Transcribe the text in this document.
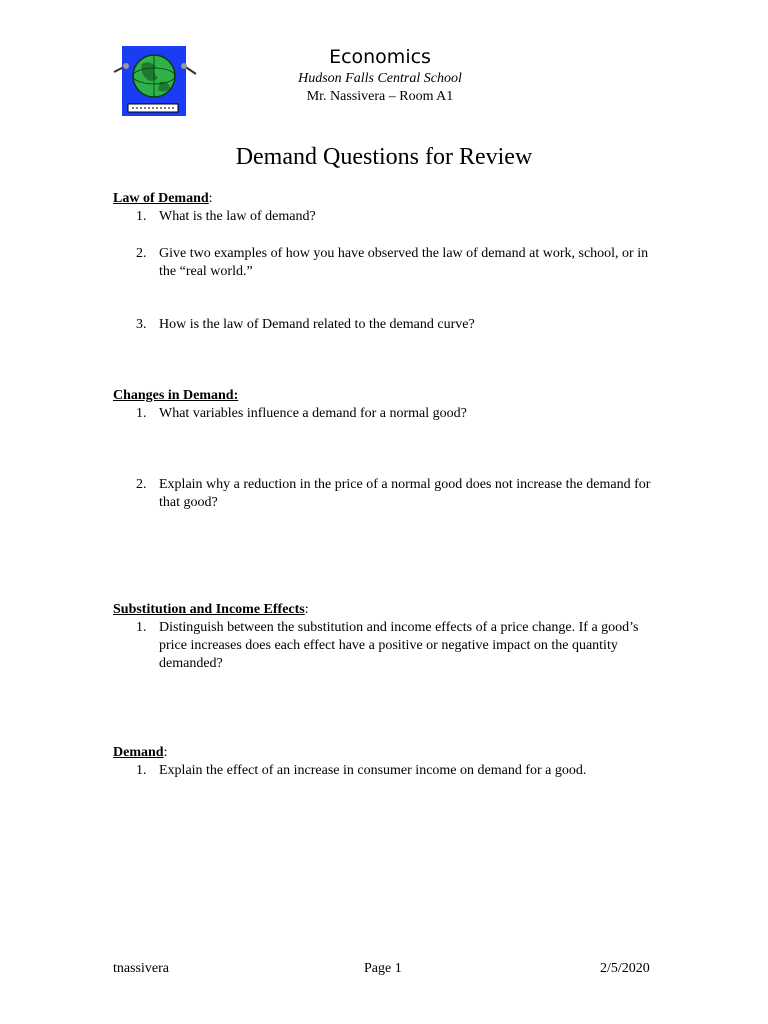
Economics
Hudson Falls Central School
Mr. Nassivera – Room A1
Demand Questions for Review
Law of Demand:
1. What is the law of demand?
2. Give two examples of how you have observed the law of demand at work, school, or in the “real world.”
3. How is the law of Demand related to the demand curve?
Changes in Demand:
1. What variables influence a demand for a normal good?
2. Explain why a reduction in the price of a normal good does not increase the demand for that good?
Substitution and Income Effects:
1. Distinguish between the substitution and income effects of a price change. If a good’s price increases does each effect have a positive or negative impact on the quantity demanded?
Demand:
1. Explain the effect of an increase in consumer income on demand for a good.
tnassivera	Page 1	2/5/2020
